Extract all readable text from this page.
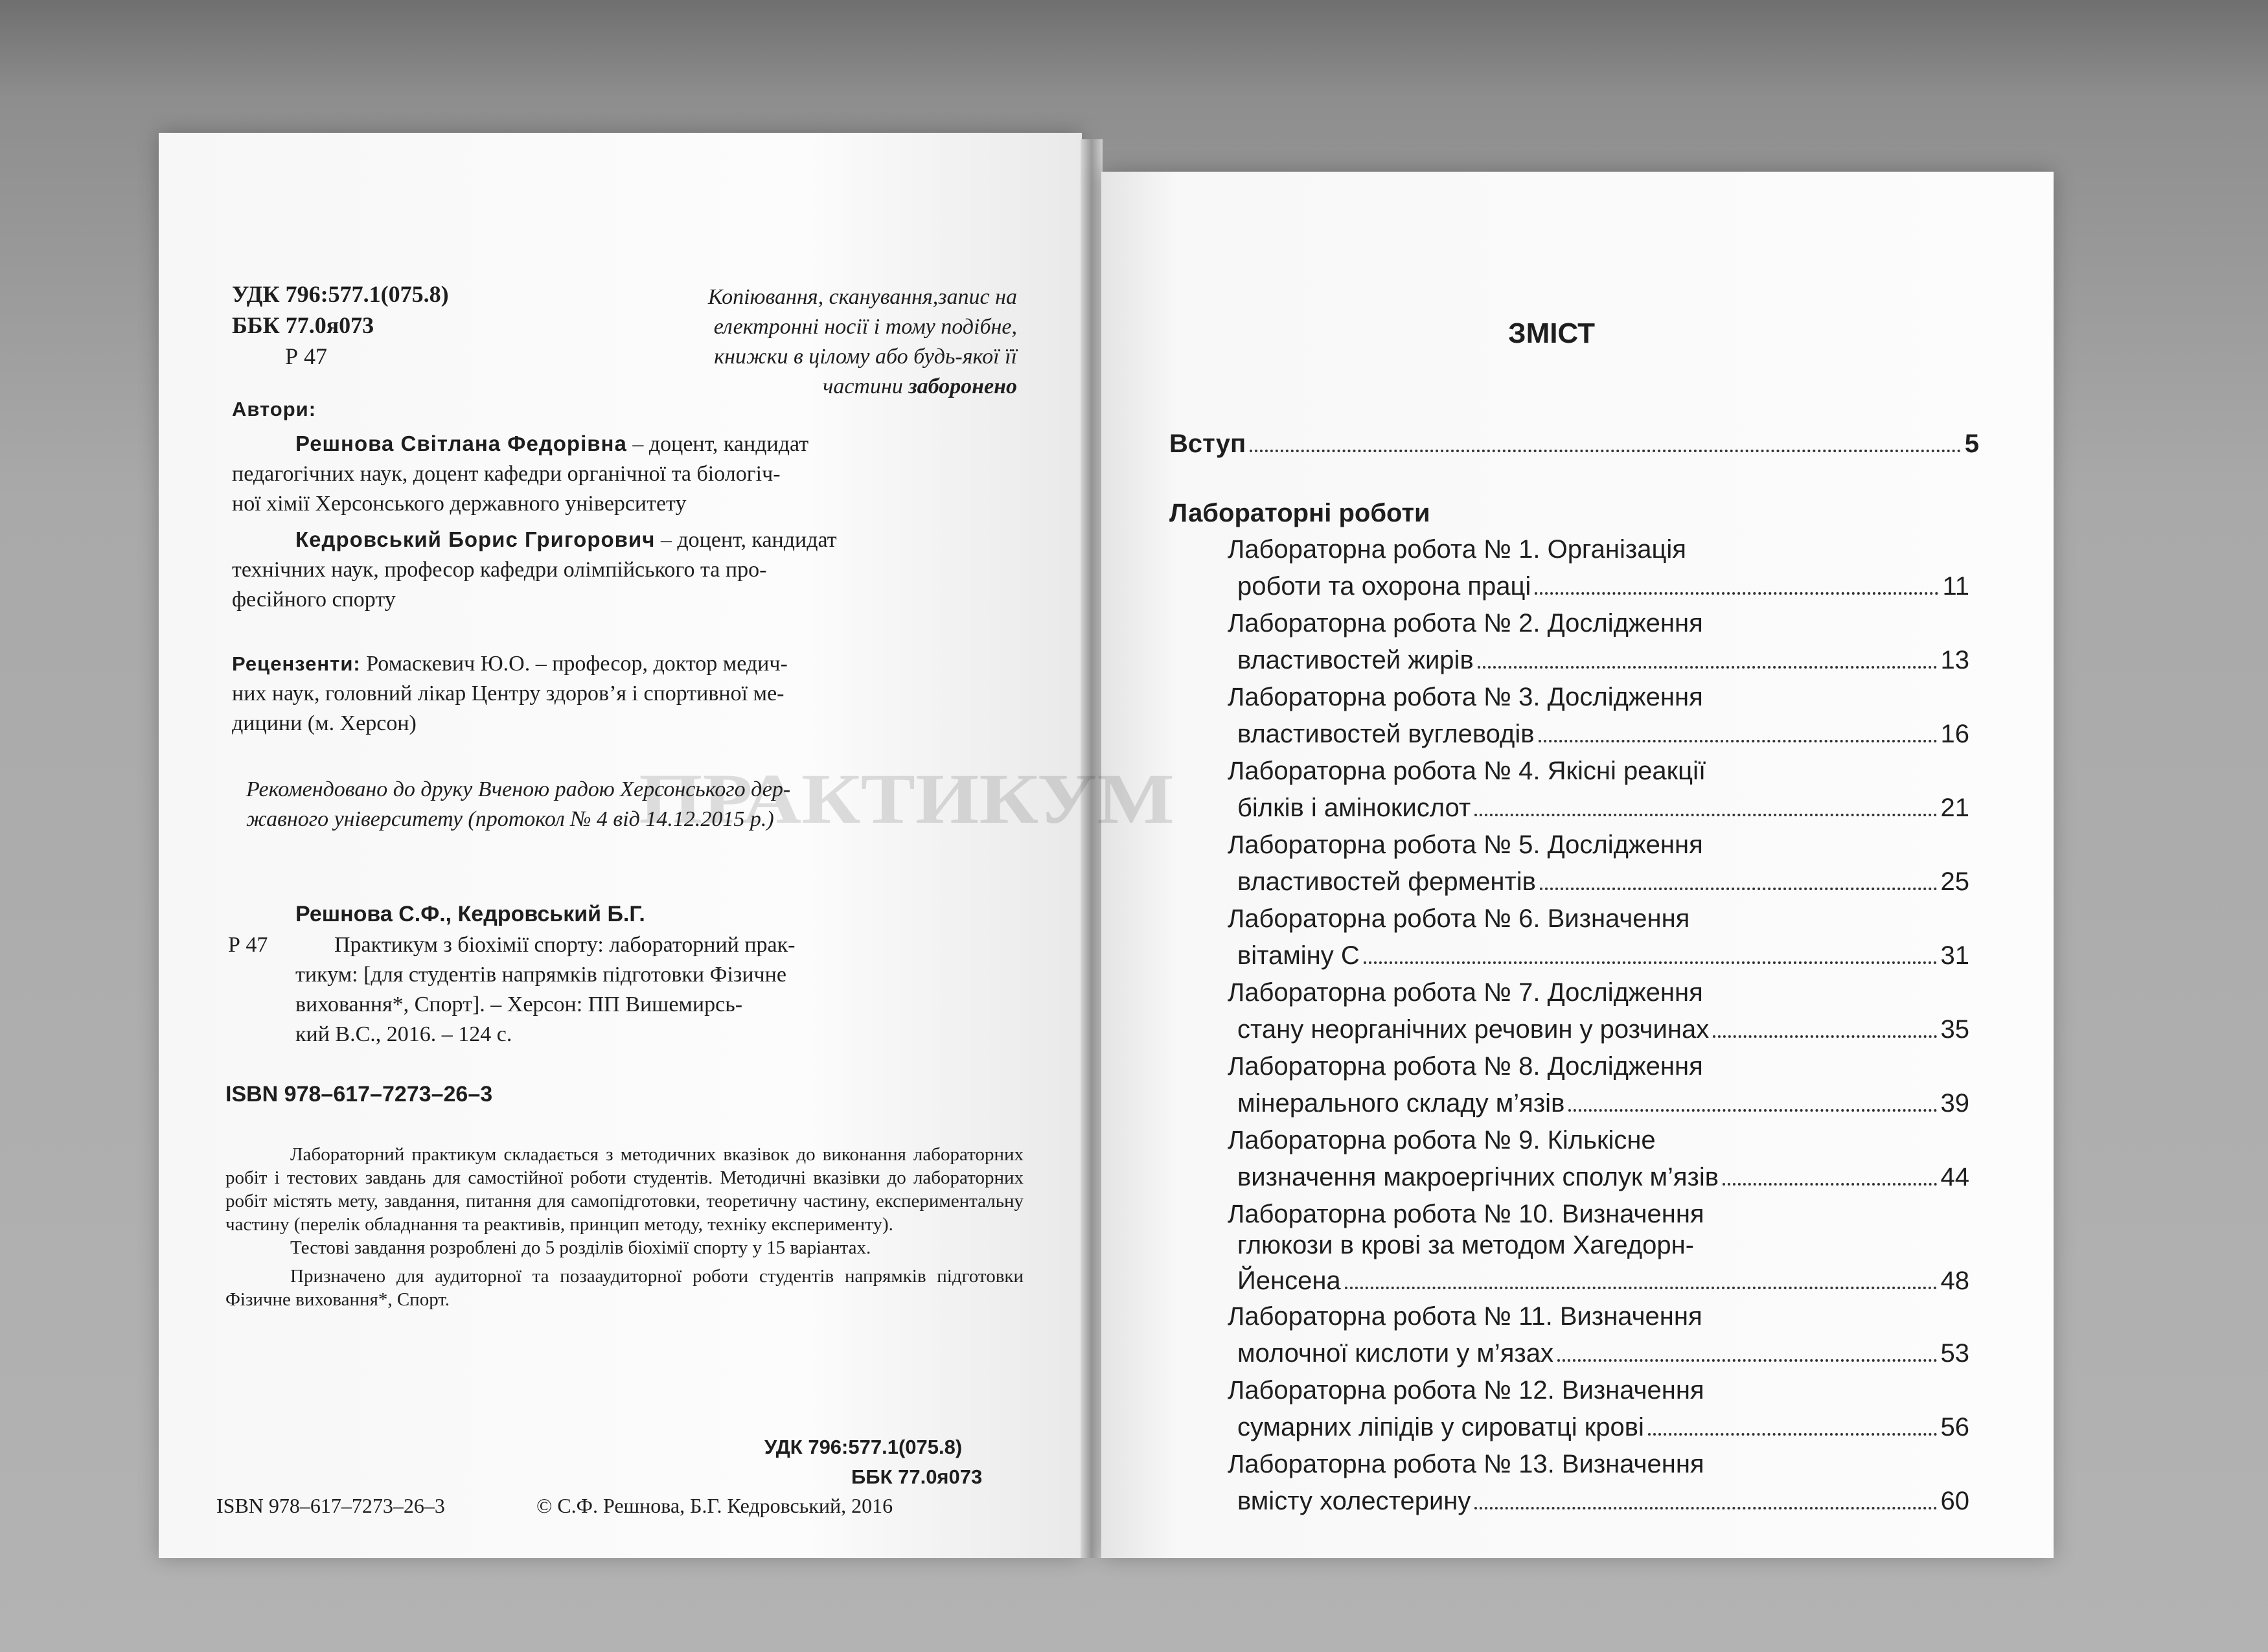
ПРАКТИКУМ
УДК 796:577.1(075.8)
ББК 77.0я073
Р 47
Копіювання, сканування,запис на
електронні носії і тому подібне,
книжки в цілому або будь-якої її
частини заборонено
Автори:
Решнова Світлана Федорівна – доцент, кандидат
педагогічних наук, доцент кафедри органічної та біологіч-
ної хімії Херсонського державного університету
Кедровський Борис Григорович – доцент, кандидат
технічних наук, професор кафедри олімпійського та про-
фесійного спорту
Рецензенти: Ромаскевич Ю.О. – професор, доктор медич-
них наук, головний лікар Центру здоров’я і спортивної ме-
дицини (м. Херсон)
Рекомендовано до друку Вченою радою Херсонського дер-
жавного університету (протокол № 4 від 14.12.2015 р.)
Решнова С.Ф., Кедровський Б.Г.
Р 47	Практикум з біохімії спорту: лабораторний прак-
тикум: [для студентів напрямків підготовки Фізичне
виховання*, Спорт]. – Херсон: ПП Вишемирсь-
кий В.С., 2016. – 124 с.
ISBN 978–617–7273–26–3
Лабораторний практикум складається з методичних вказівок до виконання лабораторних робіт і тестових завдань для самостійної роботи студентів. Методичні вказівки до лабораторних робіт містять мету, завдання, питання для самопідготовки, теоретичну частину, експериментальну частину (перелік обладнання та реактивів, принцип методу, техніку експерименту).
Тестові завдання розроблені до 5 розділів біохімії спорту у 15 варіантах.
Призначено для аудиторної та позааудиторної роботи студентів напрямків підготовки Фізичне виховання*, Спорт.
УДК 796:577.1(075.8)
ББК 77.0я073
ISBN 978–617–7273–26–3	© С.Ф. Решнова, Б.Г. Кедровський, 2016
ЗМІСТ
Вступ	5
Лабораторні роботи
Лабораторна робота № 1. Організація
роботи та охорона праці	11
Лабораторна робота № 2. Дослідження
властивостей жирів	13
Лабораторна робота № 3. Дослідження
властивостей вуглеводів	16
Лабораторна робота № 4. Якісні реакції
білків і амінокислот	21
Лабораторна робота № 5. Дослідження
властивостей ферментів	25
Лабораторна робота № 6. Визначення
вітаміну С	31
Лабораторна робота № 7. Дослідження
стану неорганічних речовин у розчинах	35
Лабораторна робота № 8. Дослідження
мінерального складу м’язів	39
Лабораторна робота № 9. Кількісне
визначення макроергічних сполук м’язів	44
Лабораторна робота № 10. Визначення
глюкози в крові за методом Хагедорн-
Йенсена	48
Лабораторна робота № 11. Визначення
молочної кислоти у м’язах	53
Лабораторна робота № 12. Визначення
сумарних ліпідів у сироватці крові	56
Лабораторна робота № 13. Визначення
вмісту холестерину	60
